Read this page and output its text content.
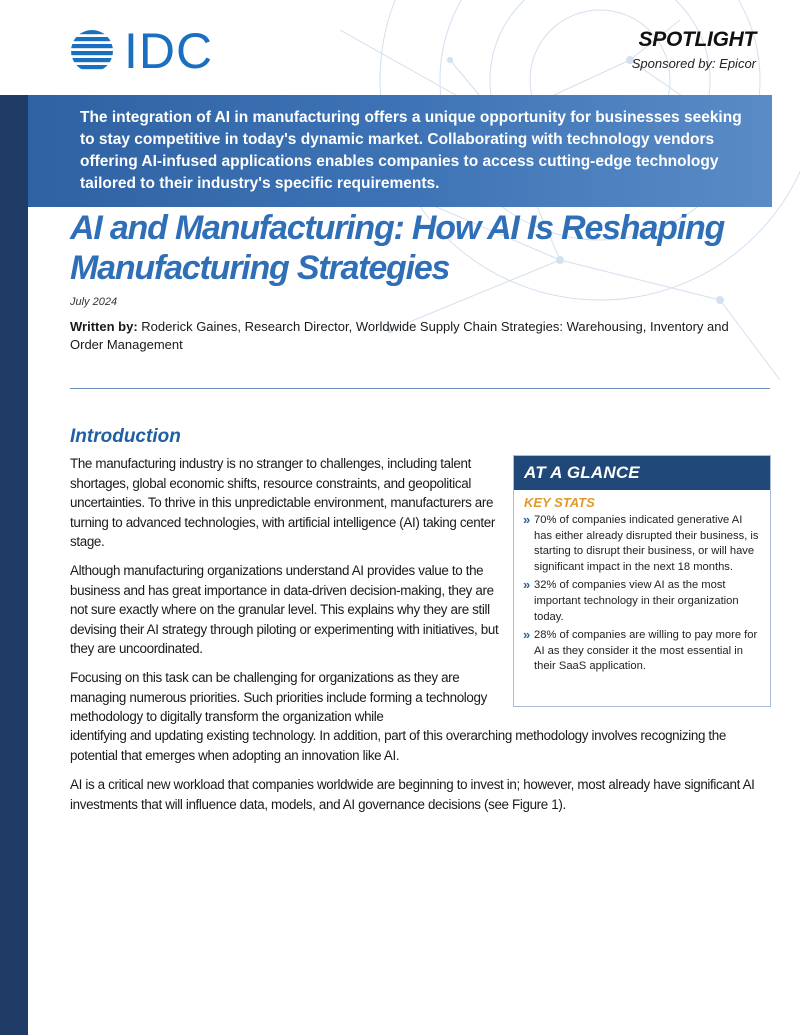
IDC	SPOTLIGHT
Sponsored by: Epicor
The integration of AI in manufacturing offers a unique opportunity for businesses seeking to stay competitive in today's dynamic market. Collaborating with technology vendors offering AI-infused applications enables companies to access cutting-edge technology tailored to their industry's specific requirements.
AI and Manufacturing: How AI Is Reshaping
Manufacturing Strategies
July 2024
Written by: Roderick Gaines, Research Director, Worldwide Supply Chain Strategies: Warehousing, Inventory and Order Management
Introduction
The manufacturing industry is no stranger to challenges, including talent shortages, global economic shifts, resource constraints, and geopolitical uncertainties. To thrive in this unpredictable environment, manufacturers are turning to advanced technologies, with artificial intelligence (AI) taking center stage.
Although manufacturing organizations understand AI provides value to the business and has great importance in data-driven decision-making, they are not sure exactly where on the granular level. This explains why they are still devising their AI strategy through piloting or experimenting with initiatives, but they are uncoordinated.
Focusing on this task can be challenging for organizations as they are managing numerous priorities. Such priorities include forming a technology methodology to digitally transform the organization while
identifying and updating existing technology. In addition, part of this overarching methodology involves recognizing the potential that emerges when adopting an innovation like AI.
AI is a critical new workload that companies worldwide are beginning to invest in; however, most already have significant AI investments that will influence data, models, and AI governance decisions (see Figure 1).
AT A GLANCE
KEY STATS
» 70% of companies indicated generative AI has either already disrupted their business, is starting to disrupt their business, or will have significant impact in the next 18 months.
» 32% of companies view AI as the most important technology in their organization today.
» 28% of companies are willing to pay more for AI as they consider it the most essential in their SaaS application.
